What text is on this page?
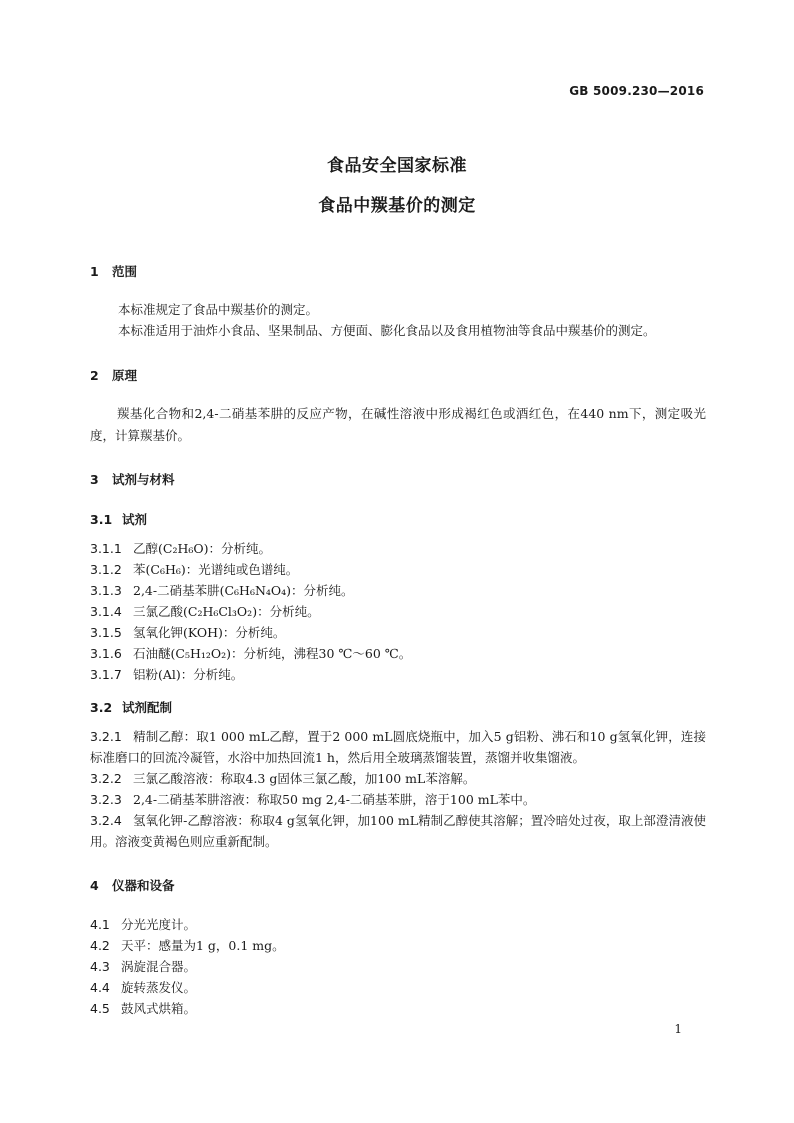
GB 5009.230—2016
食品安全国家标准
食品中羰基价的测定
1 范围
本标准规定了食品中羰基价的测定。
本标准适用于油炸小食品、坚果制品、方便面、膨化食品以及食用植物油等食品中羰基价的测定。
2 原理
羰基化合物和2,4-二硝基苯肼的反应产物，在碱性溶液中形成褐红色或酒红色，在440 nm下，测定吸光度，计算羰基价。
3 试剂与材料
3.1 试剂
3.1.1 乙醇(C₂H₆O)：分析纯。
3.1.2 苯(C₆H₆)：光谱纯或色谱纯。
3.1.3 2,4-二硝基苯肼(C₆H₆N₄O₄)：分析纯。
3.1.4 三氯乙酸(C₂H₆Cl₃O₂)：分析纯。
3.1.5 氢氧化钾(KOH)：分析纯。
3.1.6 石油醚(C₅H₁₂O₂)：分析纯，沸程30 ℃～60 ℃。
3.1.7 铝粉(Al)：分析纯。
3.2 试剂配制
3.2.1 精制乙醇：取1 000 mL乙醇，置于2 000 mL圆底烧瓶中，加入5 g铝粉、沸石和10 g氢氧化钾，连接标准磨口的回流冷凝管，水浴中加热回流1 h，然后用全玻璃蒸馏装置，蒸馏并收集馏液。
3.2.2 三氯乙酸溶液：称取4.3 g固体三氯乙酸，加100 mL苯溶解。
3.2.3 2,4-二硝基苯肼溶液：称取50 mg 2,4-二硝基苯肼，溶于100 mL苯中。
3.2.4 氢氧化钾-乙醇溶液：称取4 g氢氧化钾，加100 mL精制乙醇使其溶解；置冷暗处过夜，取上部澄清液使用。溶液变黄褐色则应重新配制。
4 仪器和设备
4.1 分光光度计。
4.2 天平：感量为1 g，0.1 mg。
4.3 涡旋混合器。
4.4 旋转蒸发仪。
4.5 鼓风式烘箱。
1
